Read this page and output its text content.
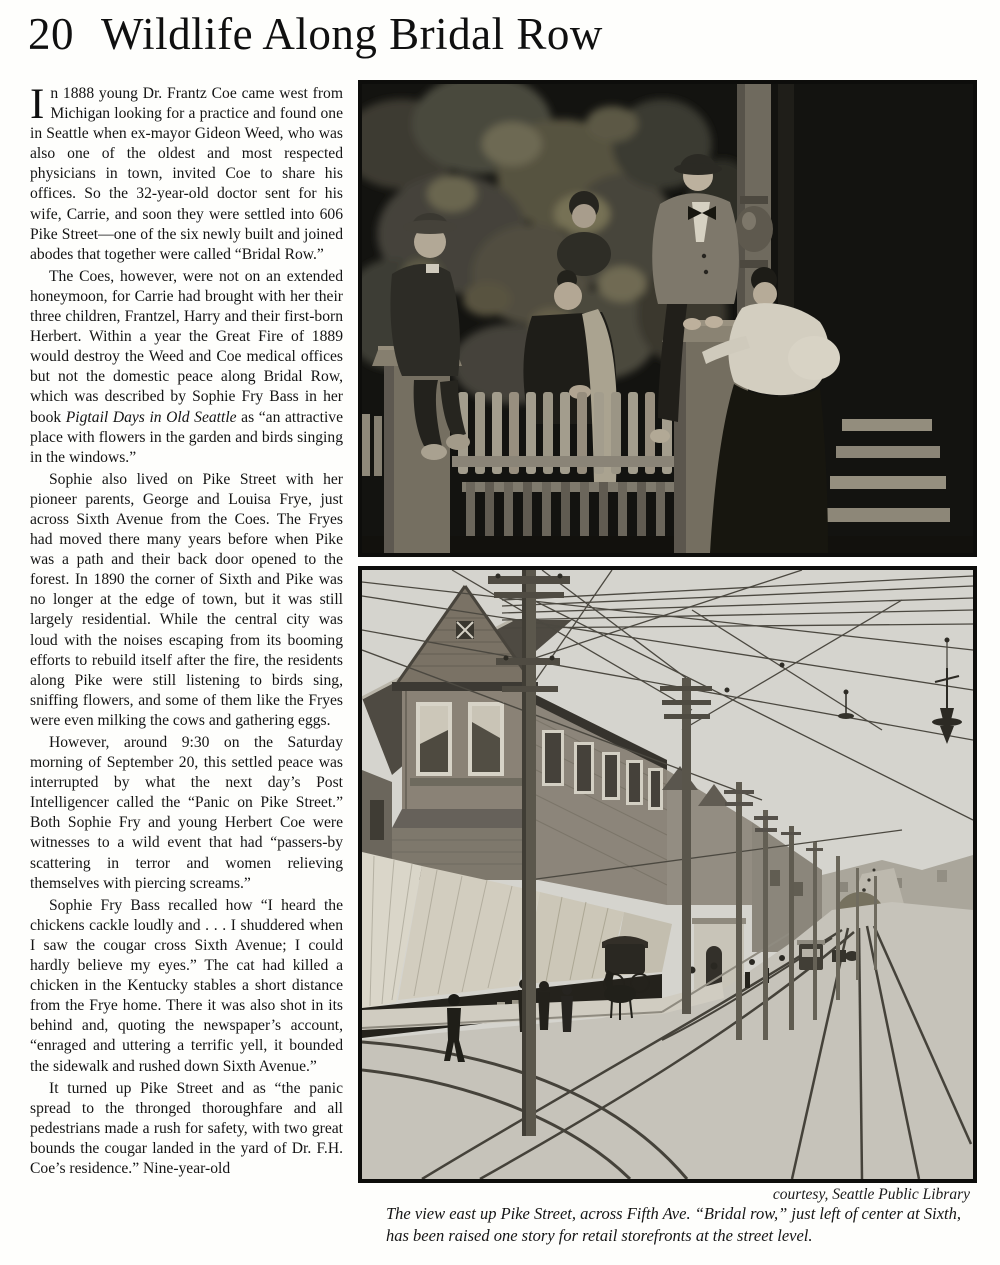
20 Wildlife Along Bridal Row

In 1888 young Dr. Frantz Coe came west from Michigan looking for a practice and found one in Seattle when ex-mayor Gideon Weed, who was also one of the oldest and most respected physicians in town, invited Coe to share his offices. So the 32-year-old doctor sent for his wife, Carrie, and soon they were settled into 606 Pike Street—one of the six newly built and joined abodes that together were called “Bridal Row.”

The Coes, however, were not on an extended honeymoon, for Carrie had brought with her their three children, Frantzel, Harry and their first-born Herbert. Within a year the Great Fire of 1889 would destroy the Weed and Coe medical offices but not the domestic peace along Bridal Row, which was described by Sophie Fry Bass in her book Pigtail Days in Old Seattle as “an attractive place with flowers in the garden and birds singing in the windows.”

Sophie also lived on Pike Street with her pioneer parents, George and Louisa Frye, just across Sixth Avenue from the Coes. The Fryes had moved there many years before when Pike was a path and their back door opened to the forest. In 1890 the corner of Sixth and Pike was no longer at the edge of town, but it was still largely residential. While the central city was loud with the noises escaping from its booming efforts to rebuild itself after the fire, the residents along Pike were still listening to birds sing, sniffing flowers, and some of them like the Fryes were even milking the cows and gathering eggs.

However, around 9:30 on the Saturday morning of September 20, this settled peace was interrupted by what the next day’s Post Intelligencer called the “Panic on Pike Street.” Both Sophie Fry and young Herbert Coe were witnesses to a wild event that had “passers-by scattering in terror and women relieving themselves with piercing screams.”

Sophie Fry Bass recalled how “I heard the chickens cackle loudly and . . . I shuddered when I saw the cougar cross Sixth Avenue; I could hardly believe my eyes.” The cat had killed a chicken in the Kentucky stables a short distance from the Frye home. There it was also shot in its behind and, quoting the newspaper’s account, “enraged and uttering a terrific yell, it bounded the sidewalk and rushed down Sixth Avenue.”

It turned up Pike Street and as “the panic spread to the thronged thoroughfare and all pedestrians made a rush for safety, with two great bounds the cougar landed in the yard of Dr. F.H. Coe’s residence.” Nine-year-old

courtesy, Seattle Public Library
The view east up Pike Street, across Fifth Ave. “Bridal row,” just left of center at Sixth, has been raised one story for retail storefronts at the street level.
